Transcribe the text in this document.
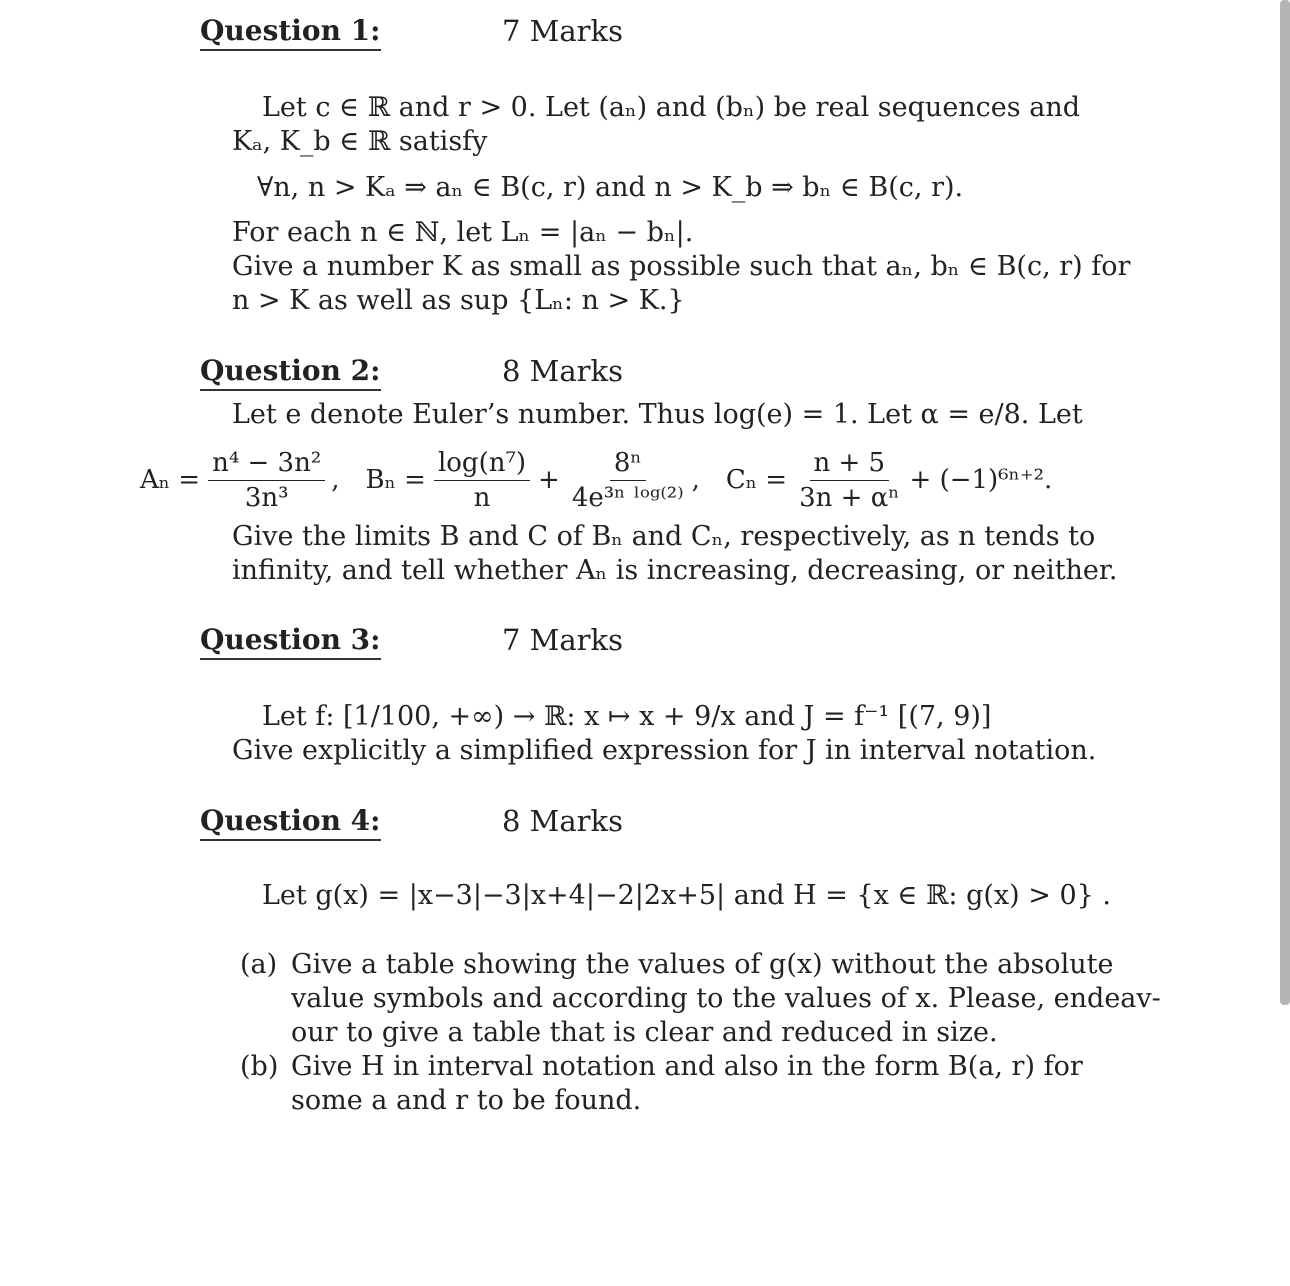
Question 1:	7 Marks
Let c ∈ ℝ and r > 0. Let (aₙ) and (bₙ) be real sequences and
Kₐ, K_b ∈ ℝ satisfy
∀n, n > Kₐ ⇒ aₙ ∈ B(c, r) and n > K_b ⇒ bₙ ∈ B(c, r).
For each n ∈ ℕ, let Lₙ = |aₙ − bₙ|.
Give a number K as small as possible such that aₙ, bₙ ∈ B(c, r) for
n > K as well as sup {Lₙ: n > K.}
Question 2:	8 Marks
Let e denote Euler’s number. Thus log(e) = 1. Let α = e/8. Let
$A_n = \frac{\text{n⁴ − 3n²}}{\text{3n³}}$ , $B_n = \frac{\text{log(n⁷)}}{n} + \frac{\text{8ⁿ}}{\text{4e³ⁿ ˡᵒᵍ⁽²⁾}}$ , $C_n = \frac{n + 5}{\text{3n + αⁿ}} + (-1)^{6n+2}$.
Give the limits B and C of Bₙ and Cₙ, respectively, as n tends to
infinity, and tell whether Aₙ is increasing, decreasing, or neither.
Question 3:	7 Marks
Let f: [1/100, +∞) → ℝ: x ↦ x + 9/x and J = f⁻¹ [(7, 9)]
Give explicitly a simplified expression for J in interval notation.
Question 4:	8 Marks
Let g(x) = |x−3|−3|x+4|−2|2x+5| and H = {x ∈ ℝ: g(x) > 0} .
(a) Give a table showing the values of g(x) without the absolute
value symbols and according to the values of x. Please, endeav-
our to give a table that is clear and reduced in size.
(b) Give H in interval notation and also in the form B(a, r) for
some a and r to be found.
